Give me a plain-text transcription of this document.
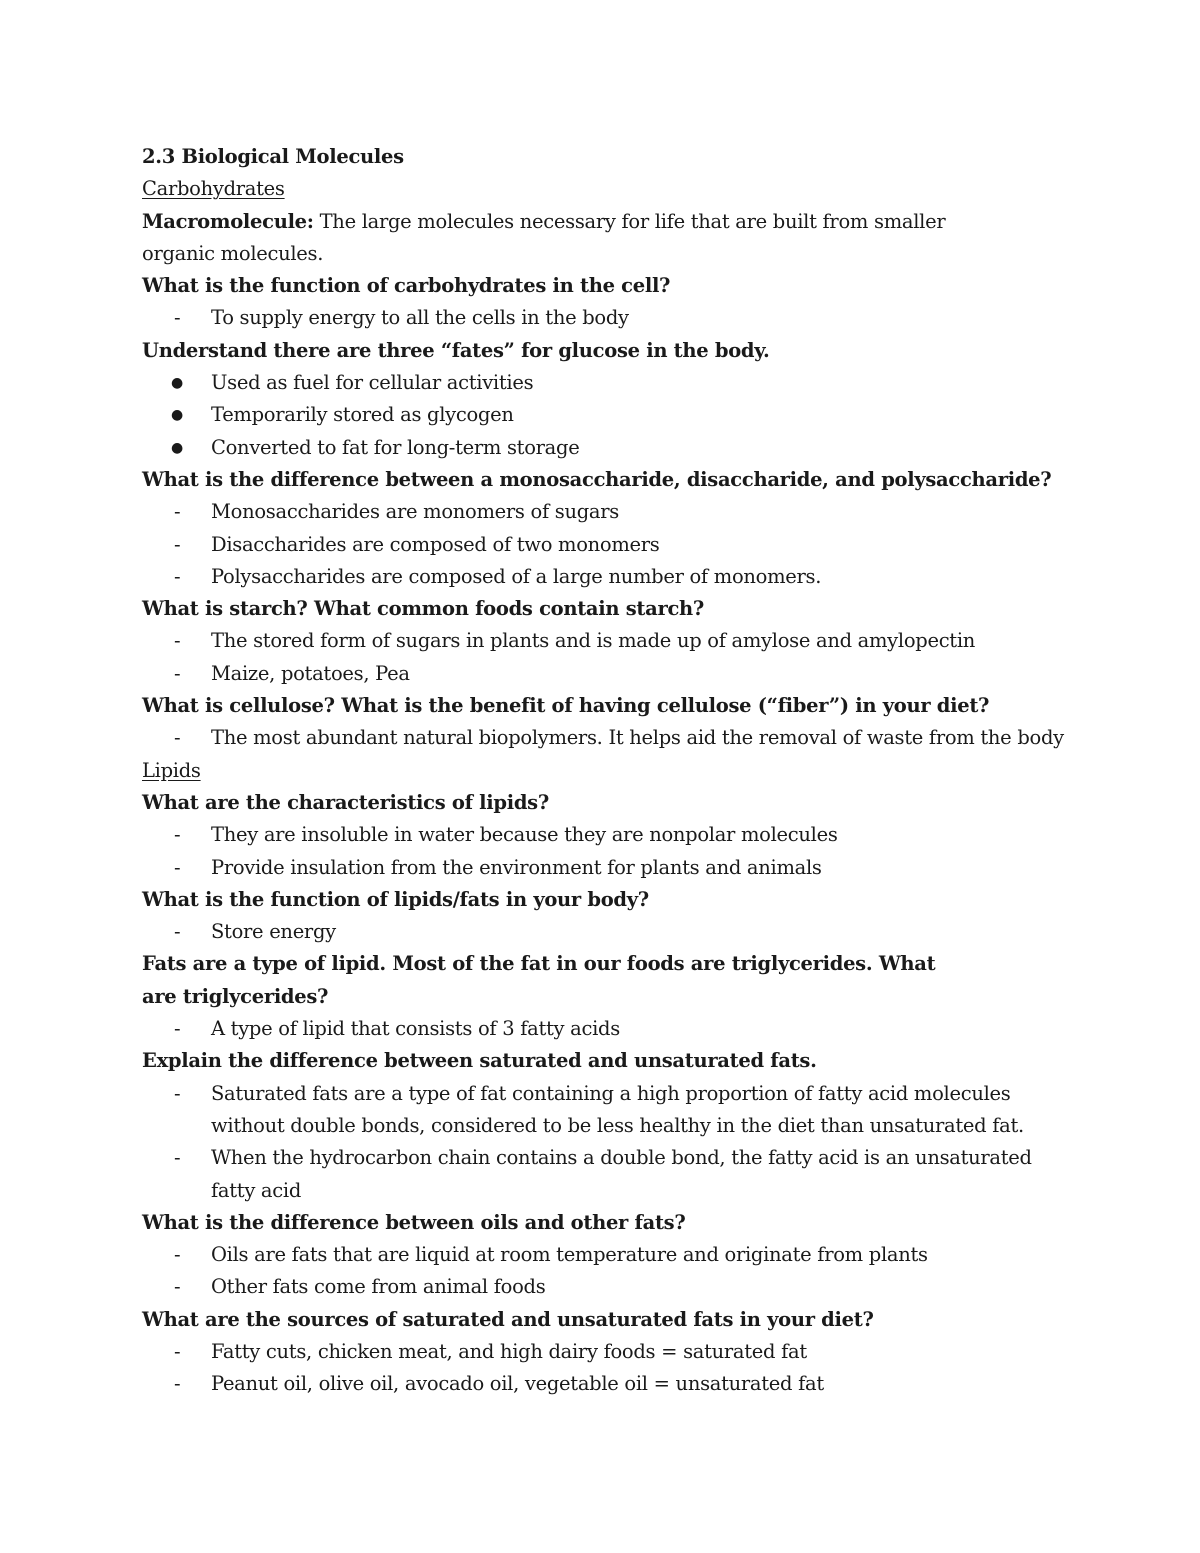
2.3 Biological Molecules
Carbohydrates
Macromolecule: The large molecules necessary for life that are built from smaller organic molecules.
What is the function of carbohydrates in the cell?
-	To supply energy to all the cells in the body
Understand there are three “fates” for glucose in the body.
●	Used as fuel for cellular activities
●	Temporarily stored as glycogen
●	Converted to fat for long-term storage
What is the difference between a monosaccharide, disaccharide, and polysaccharide?
-	Monosaccharides are monomers of sugars
-	Disaccharides are composed of two monomers
-	Polysaccharides are composed of a large number of monomers.
What is starch? What common foods contain starch?
-	The stored form of sugars in plants and is made up of amylose and amylopectin
-	Maize, potatoes, Pea
What is cellulose? What is the benefit of having cellulose (“fiber”) in your diet?
-	The most abundant natural biopolymers. It helps aid the removal of waste from the body
Lipids
What are the characteristics of lipids?
-	They are insoluble in water because they are nonpolar molecules
-	Provide insulation from the environment for plants and animals
What is the function of lipids/fats in your body?
-	Store energy
Fats are a type of lipid. Most of the fat in our foods are triglycerides. What are triglycerides?
-	A type of lipid that consists of 3 fatty acids
Explain the difference between saturated and unsaturated fats.
-	Saturated fats are a type of fat containing a high proportion of fatty acid molecules without double bonds, considered to be less healthy in the diet than unsaturated fat.
-	When the hydrocarbon chain contains a double bond, the fatty acid is an unsaturated fatty acid
What is the difference between oils and other fats?
-	Oils are fats that are liquid at room temperature and originate from plants
-	Other fats come from animal foods
What are the sources of saturated and unsaturated fats in your diet?
-	Fatty cuts, chicken meat, and high dairy foods = saturated fat
-	Peanut oil, olive oil, avocado oil, vegetable oil = unsaturated fat
